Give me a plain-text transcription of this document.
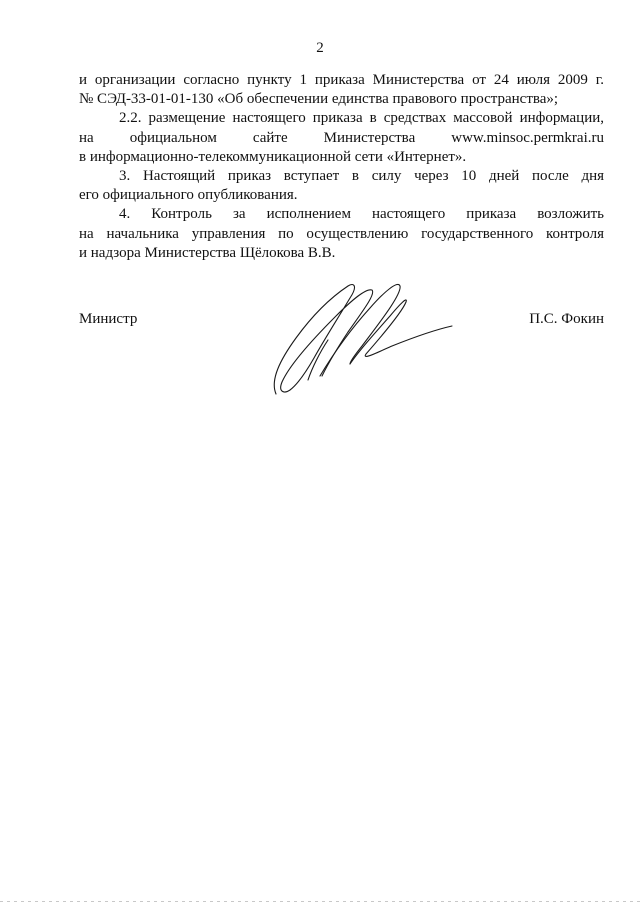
2
и организации согласно пункту 1 приказа Министерства от 24 июля 2009 г.
№ СЭД-33-01-01-130 «Об обеспечении единства правового пространства»;
2.2. размещение настоящего приказа в средствах массовой информации,
на официальном сайте Министерства www.minsoc.permkrai.ru
в информационно-телекоммуникационной сети «Интернет».
3. Настоящий приказ вступает в силу через 10 дней после дня
его официального опубликования.
4. Контроль за исполнением настоящего приказа возложить
на начальника управления по осуществлению государственного контроля
и надзора Министерства Щёлокова В.В.
Министр	П.С. Фокин
